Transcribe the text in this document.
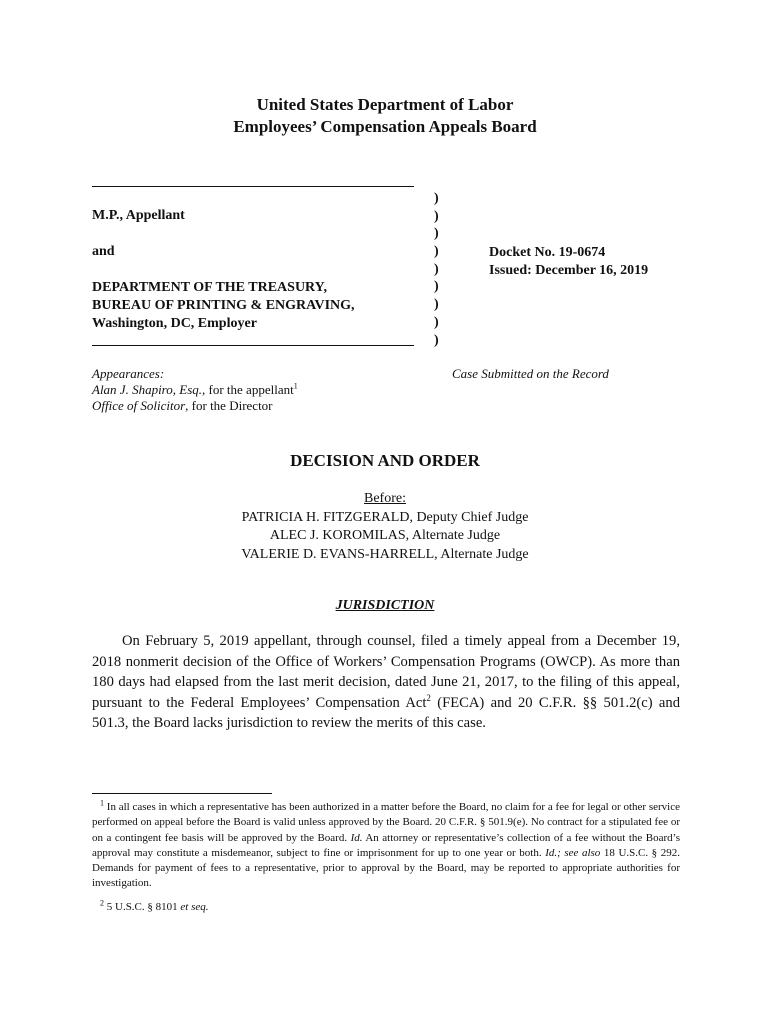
United States Department of Labor
Employees’ Compensation Appeals Board
M.P., Appellant
and
DEPARTMENT OF THE TREASURY,
BUREAU OF PRINTING & ENGRAVING,
Washington, DC, Employer
)
)
)
)
)
)
)
)
)
Docket No. 19-0674
Issued: December 16, 2019
Appearances:
Alan J. Shapiro, Esq., for the appellant$^1$
Office of Solicitor, for the Director
Case Submitted on the Record
DECISION AND ORDER
Before:
PATRICIA H. FITZGERALD, Deputy Chief Judge
ALEC J. KOROMILAS, Alternate Judge
VALERIE D. EVANS-HARRELL, Alternate Judge
JURISDICTION
On February 5, 2019 appellant, through counsel, filed a timely appeal from a December 19, 2018 nonmerit decision of the Office of Workers’ Compensation Programs (OWCP). As more than 180 days had elapsed from the last merit decision, dated June 21, 2017, to the filing of this appeal, pursuant to the Federal Employees’ Compensation Act$^2$ (FECA) and 20 C.F.R. §§ 501.2(c) and 501.3, the Board lacks jurisdiction to review the merits of this case.
$^1$ In all cases in which a representative has been authorized in a matter before the Board, no claim for a fee for legal or other service performed on appeal before the Board is valid unless approved by the Board. 20 C.F.R. § 501.9(e). No contract for a stipulated fee or on a contingent fee basis will be approved by the Board. Id. An attorney or representative’s collection of a fee without the Board’s approval may constitute a misdemeanor, subject to fine or imprisonment for up to one year or both. Id.; see also 18 U.S.C. § 292. Demands for payment of fees to a representative, prior to approval by the Board, may be reported to appropriate authorities for investigation.
$^2$ 5 U.S.C. § 8101 et seq.
